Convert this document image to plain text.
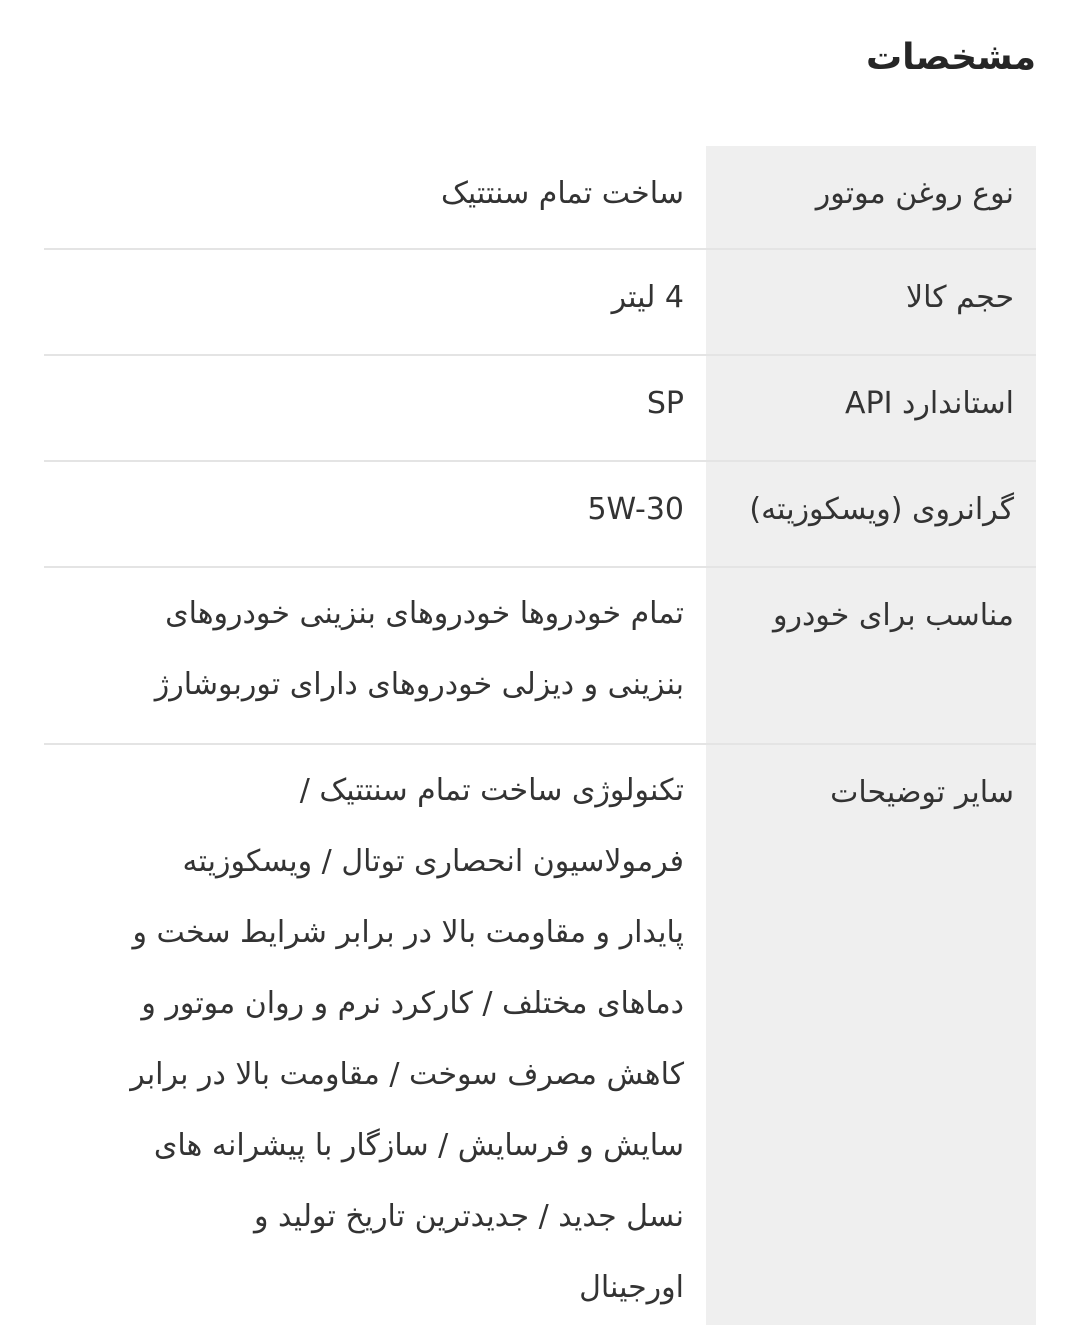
مشخصات
نوع روغن موتور
ساخت تمام سنتتیک
حجم کالا
4 لیتر
استاندارد API
SP
گرانروی (ویسکوزیته)
5W-30
مناسب برای خودرو
تمام خودروها خودروهای بنزینی خودروهای
بنزینی و دیزلی خودروهای دارای توربوشارژ
سایر توضیحات
تکنولوژی ساخت تمام سنتتیک /
فرمولاسیون انحصاری توتال / ویسکوزیته
پایدار و مقاومت بالا در برابر شرایط سخت و
دماهای مختلف / کارکرد نرم و روان موتور و
کاهش مصرف سوخت / مقاومت بالا در برابر
سایش و فرسایش / سازگار با پیشرانه های
نسل جدید / جدیدترین تاریخ تولید و
اورجینال
